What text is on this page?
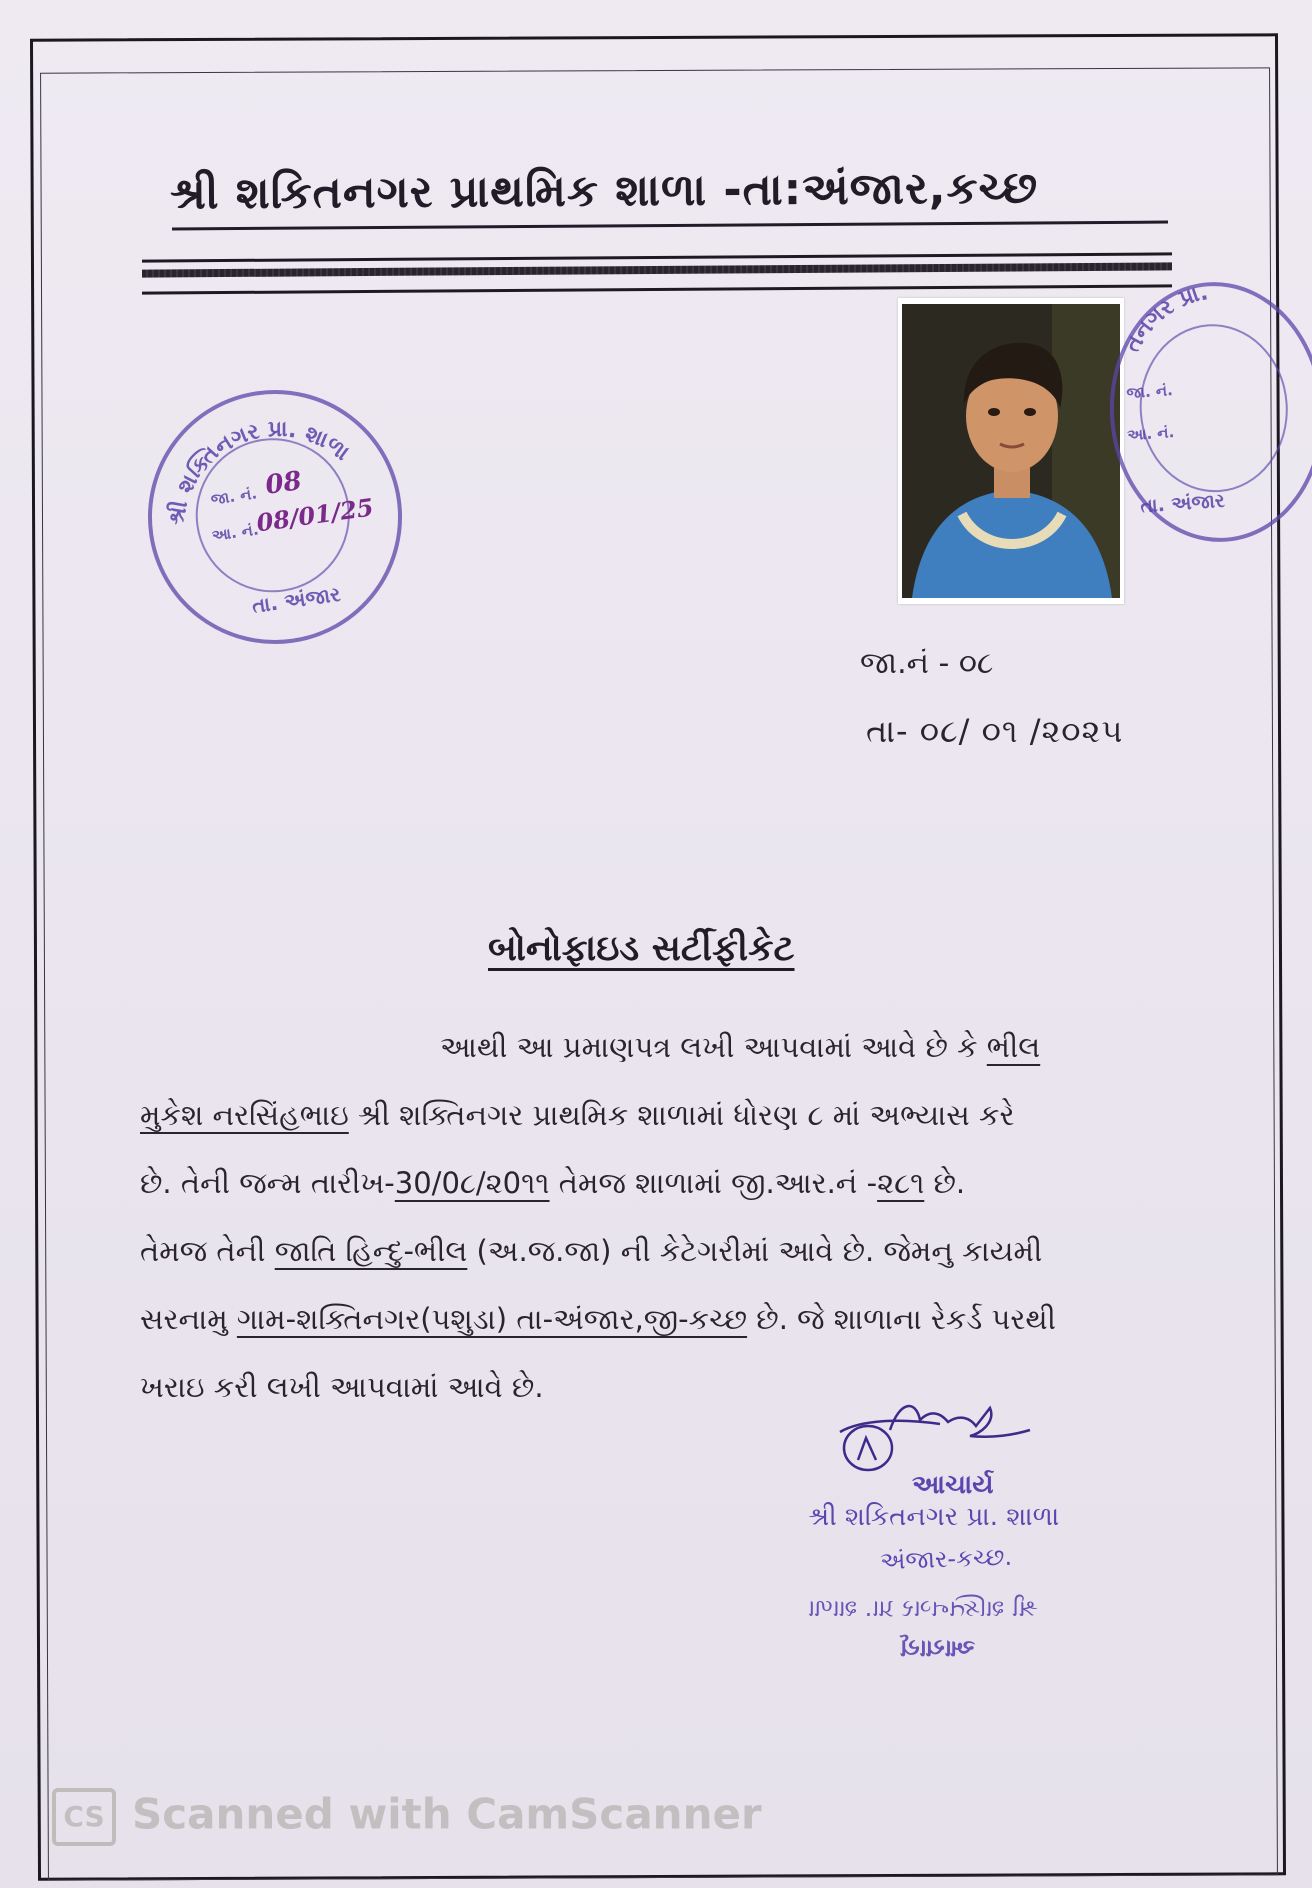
શ્રી શકિતનગર પ્રાથમિક શાળા -તા:અંજાર,કચ્છ
શ્રી શક્તિનગર પ્રા. શાળા
જા. નં. 08
આ. નં.
08/01/25
તા. અંજાર
તનગર પ્રા.
જા. નં.
આ. નં.
તા. અંજાર
જા.નં - ૦૮
તા- ૦૮/ ૦૧ /૨૦૨૫
બોનોફાઇડ સર્ટીફીકેટ
આથી આ પ્રમાણપત્ર લખી આપવામાં આવે છે કે ભીલ
મુકેશ નરસિંહભાઇ શ્રી શક્તિનગર પ્રાથમિક શાળામાં ધોરણ ૮ માં અભ્યાસ કરે
છે. તેની જન્મ તારીખ-30/0૮/૨0૧૧ તેમજ શાળામાં જી.આર.નં -૨૮૧ છે.
તેમજ તેની જાતિ હિન્દુ-ભીલ (અ.જ.જા) ની કેટેગરીમાં આવે છે. જેમનુ કાયમી
સરનામુ ગામ-શક્તિનગર(પશુડા) તા-અંજાર,જી-કચ્છ છે. જે શાળાના રેકર્ડ પરથી
ખરાઇ કરી લખી આપવામાં આવે છે.
આચાર્ય
શ્રી શકિતનગર પ્રા. શાળા
અંજાર-કચ્છ.
શ્રી શક્તિનગર પ્રા. શાળા
આચાર્ય
CS Scanned with CamScanner
